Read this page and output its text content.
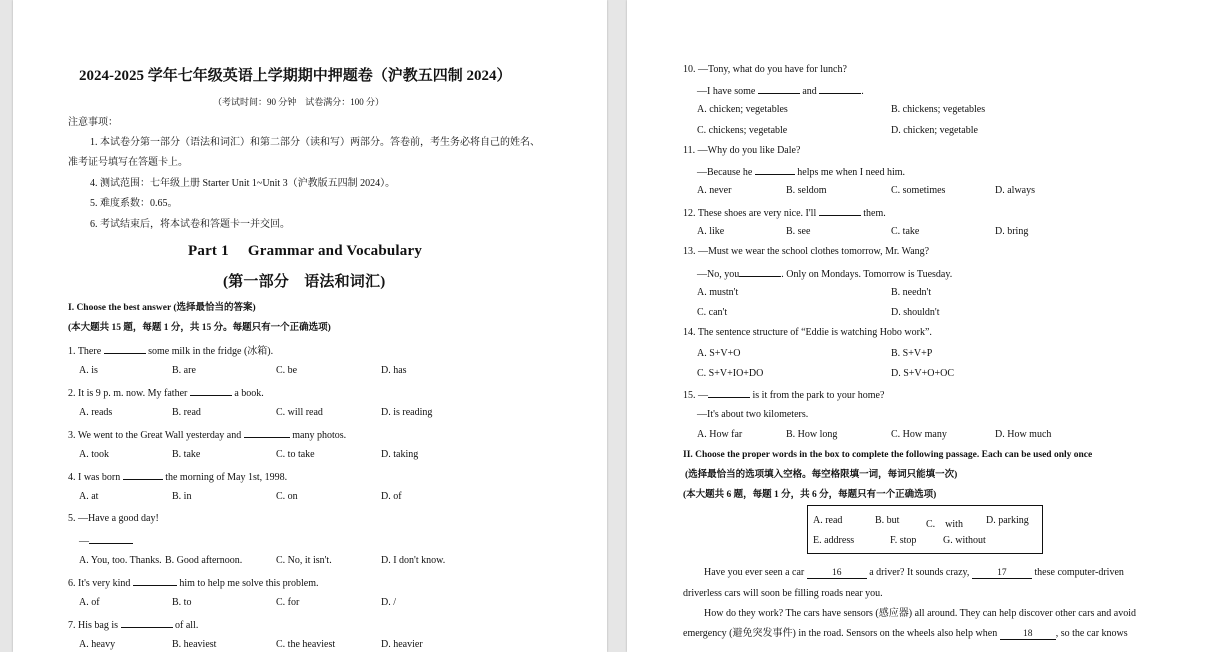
2024-2025 学年七年级英语上学期期中押题卷（沪教五四制 2024）
（考试时间：90 分钟　试卷满分：100 分）
注意事项：
1. 本试卷分第一部分（语法和词汇）和第二部分（读和写）两部分。答卷前，考生务必将自己的姓名、
准考证号填写在答题卡上。
4. 测试范围：七年级上册 Starter Unit 1~Unit 3（沪教版五四制 2024）。
5. 难度系数：0.65。
6. 考试结束后，将本试卷和答题卡一并交回。
Part 1　 Grammar and Vocabulary
(第一部分　语法和词汇)
I. Choose the best answer (选择最恰当的答案)
(本大题共 15 题，每题 1 分，共 15 分。每题只有一个正确选项)
1. There	some milk in the fridge (冰箱).
A. is	B. are	C. be	D. has
2. It is 9 p. m. now. My father	a book.
A. reads	B. read	C. will read	D. is reading
3. We went to the Great Wall yesterday and	many photos.
A. took	B. take	C. to take	D. taking
4. I was born	the morning of May 1st, 1998.
A. at	B. in	C. on	D. of
5. —Have a good day!
—
A. You, too. Thanks. B. Good afternoon.	C. No, it isn't.	D. I don't know.
6. It's very kind	him to help me solve this problem.
A. of	B. to	C. for	D. /
7. His bag is	of all.
A. heavy	B. heaviest	C. the heaviest	D. heavier
10. —Tony, what do you have for lunch?
—I have some	and	.
A. chicken; vegetables	B. chickens; vegetables
C. chickens; vegetable	D. chicken; vegetable
11. —Why do you like Dale?
—Because he	helps me when I need him.
A. never	B. seldom	C. sometimes	D. always
12. These shoes are very nice. I'll	them.
A. like	B. see	C. take	D. bring
13. —Must we wear the school clothes tomorrow, Mr. Wang?
—No, you	. Only on Mondays. Tomorrow is Tuesday.
A. mustn't	B. needn't
C. can't	D. shouldn't
14. The sentence structure of “Eddie is watching Hobo work”.
A. S+V+O	B. S+V+P
C. S+V+IO+DO	D. S+V+O+OC
15. —	is it from the park to your home?
—It's about two kilometers.
A. How far	B. How long	C. How many	D. How much
II. Choose the proper words in the box to complete the following passage. Each can be used only once
(选择最恰当的选项填入空格。每空格限填一词，每词只能填一次)
(本大题共 6 题，每题 1 分，共 6 分，每题只有一个正确选项)
A. read	B. but	C.　with D. parking
E. address	F. stop	G. without
Have you ever seen a car	16	a driver? It sounds crazy,	17	these computer-driven
driverless cars will soon be filling roads near you.
How do they work? The cars have sensors (感应器) all around. They can help discover other cars and avoid
emergency (避免突发事件) in the road. Sensors on the wheels also help when 18 , so the car knows
